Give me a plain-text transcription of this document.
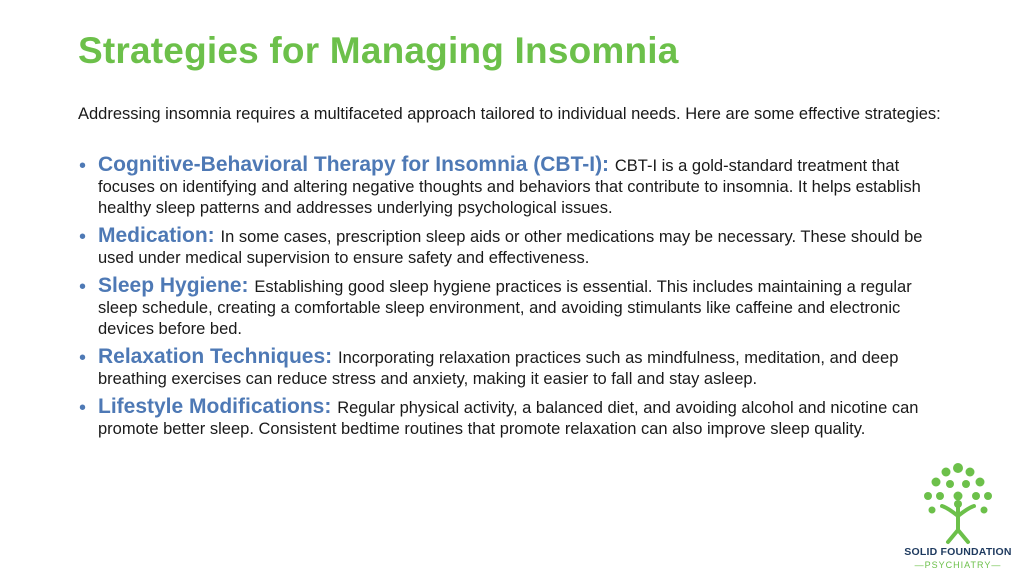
Strategies for Managing Insomnia

Addressing insomnia requires a multifaceted approach tailored to individual needs. Here are some effective strategies:

• Cognitive-Behavioral Therapy for Insomnia (CBT-I): CBT-I is a gold-standard treatment that focuses on identifying and altering negative thoughts and behaviors that contribute to insomnia. It helps establish healthy sleep patterns and addresses underlying psychological issues.
• Medication: In some cases, prescription sleep aids or other medications may be necessary. These should be used under medical supervision to ensure safety and effectiveness.
• Sleep Hygiene: Establishing good sleep hygiene practices is essential. This includes maintaining a regular sleep schedule, creating a comfortable sleep environment, and avoiding stimulants like caffeine and electronic devices before bed.
• Relaxation Techniques: Incorporating relaxation practices such as mindfulness, meditation, and deep breathing exercises can reduce stress and anxiety, making it easier to fall and stay asleep.
• Lifestyle Modifications: Regular physical activity, a balanced diet, and avoiding alcohol and nicotine can promote better sleep. Consistent bedtime routines that promote relaxation can also improve sleep quality.
SOLID FOUNDATION
—PSYCHIATRY—
